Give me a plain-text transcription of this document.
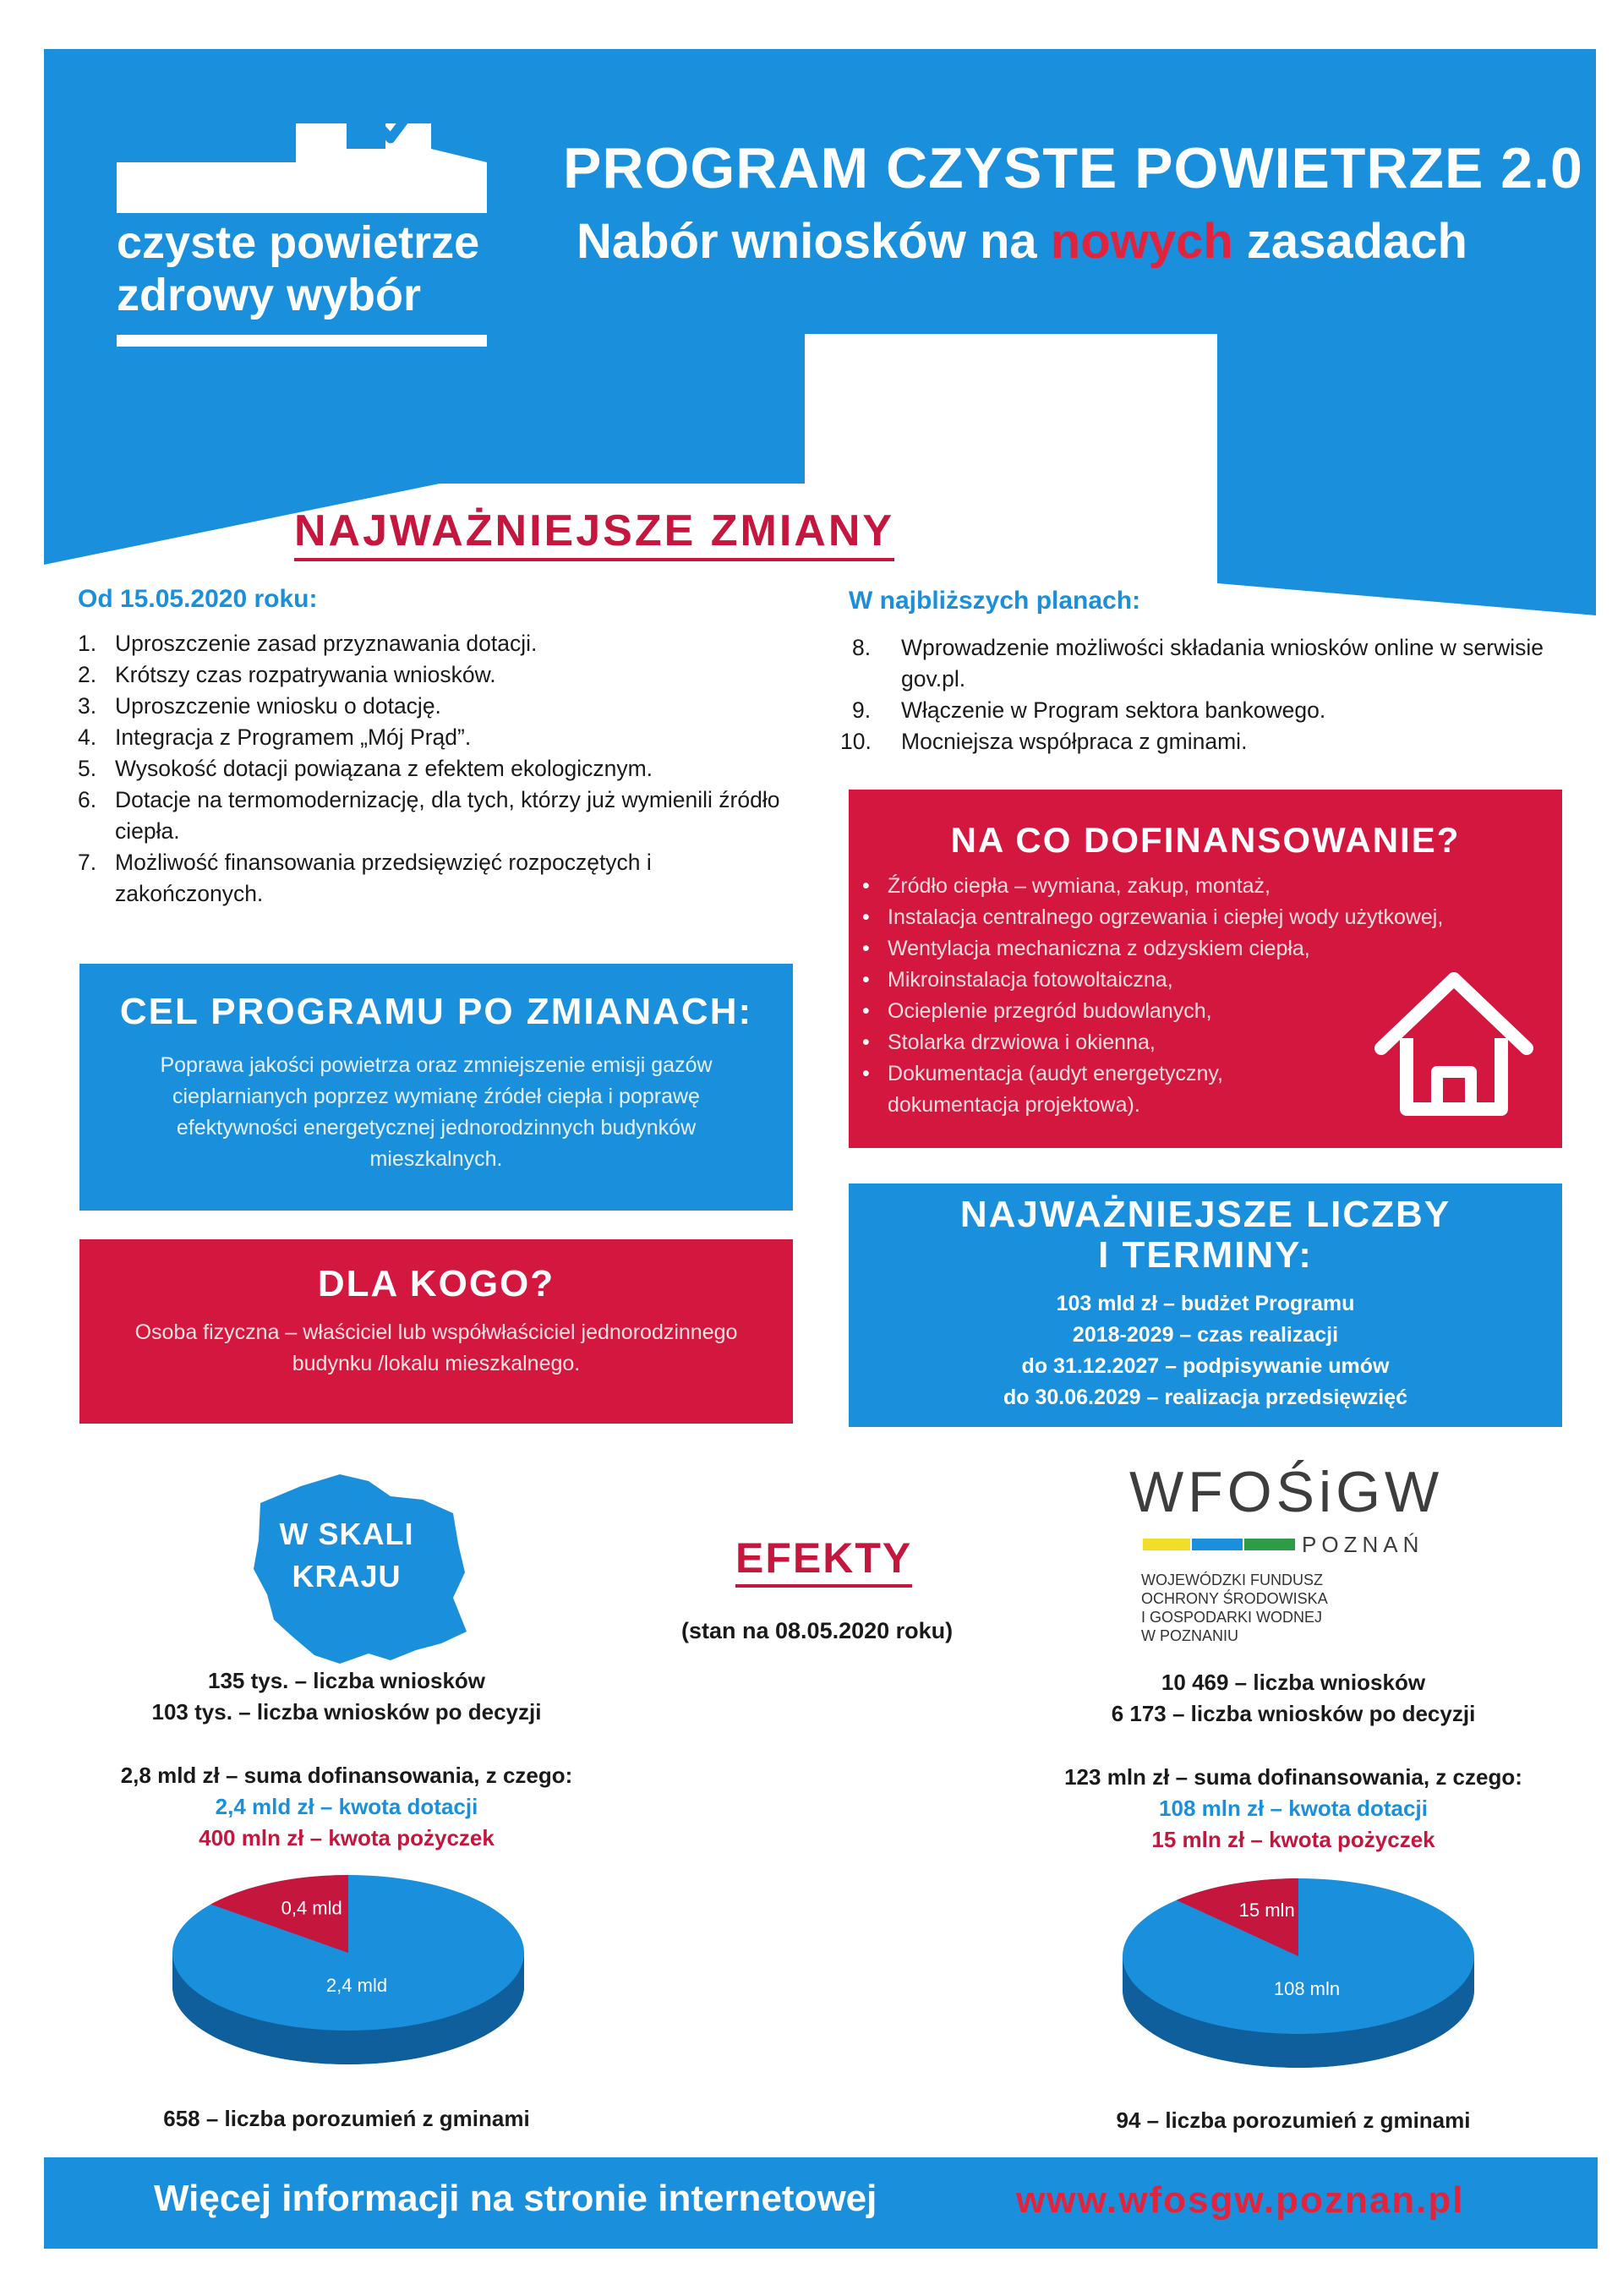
czyste powietrze
zdrowy wybór
PROGRAM CZYSTE POWIETRZE 2.0
Nabór wniosków na nowych zasadach
NAJWAŻNIEJSZE ZMIANY
Od 15.05.2020 roku:	W najbliższych planach:
1. Uproszczenie zasad przyznawania dotacji.
2. Krótszy czas rozpatrywania wniosków.
3. Uproszczenie wniosku o dotację.
4. Integracja z Programem „Mój Prąd”.
5. Wysokość dotacji powiązana z efektem ekologicznym.
6. Dotacje na termomodernizację, dla tych, którzy już wymienili źródło ciepła.
7. Możliwość finansowania przedsięwzięć rozpoczętych i zakończonych.
8. Wprowadzenie możliwości składania wniosków online w serwisie gov.pl.
9. Włączenie w Program sektora bankowego.
10. Mocniejsza współpraca z gminami.
CEL PROGRAMU PO ZMIANACH:
Poprawa jakości powietrza oraz zmniejszenie emisji gazów cieplarnianych poprzez wymianę źródeł ciepła i poprawę efektywności energetycznej jednorodzinnych budynków mieszkalnych.
DLA KOGO?
Osoba fizyczna – właściciel lub współwłaściciel jednorodzinnego budynku /lokalu mieszkalnego.
NA CO DOFINANSOWANIE?
• Źródło ciepła – wymiana, zakup, montaż,
• Instalacja centralnego ogrzewania i ciepłej wody użytkowej,
• Wentylacja mechaniczna z odzyskiem ciepła,
• Mikroinstalacja fotowoltaiczna,
• Ocieplenie przegród budowlanych,
• Stolarka drzwiowa i okienna,
• Dokumentacja (audyt energetyczny, dokumentacja projektowa).
NAJWAŻNIEJSZE LICZBY
I TERMINY:
103 mld zł – budżet Programu
2018-2029 – czas realizacji
do 31.12.2027 – podpisywanie umów
do 30.06.2029 – realizacja przedsięwzięć
W SKALI
KRAJU	EFEKTY
(stan na 08.05.2020 roku)
WFOŚiGW
POZNAŃ
WOJEWÓDZKI FUNDUSZ
OCHRONY ŚRODOWISKA
I GOSPODARKI WODNEJ
W POZNANIU
135 tys. – liczba wniosków
103 tys. – liczba wniosków po decyzji
2,8 mld zł – suma dofinansowania, z czego:
2,4 mld zł – kwota dotacji
400 mln zł – kwota pożyczek
10 469 – liczba wniosków
6 173 – liczba wniosków po decyzji
123 mln zł – suma dofinansowania, z czego:
108 mln zł – kwota dotacji
15 mln zł – kwota pożyczek
0,4 mld
2,4 mld
15 mln
108 mln
658 – liczba porozumień z gminami	94 – liczba porozumień z gminami
Więcej informacji na stronie internetowej	www.wfosgw.poznan.pl
